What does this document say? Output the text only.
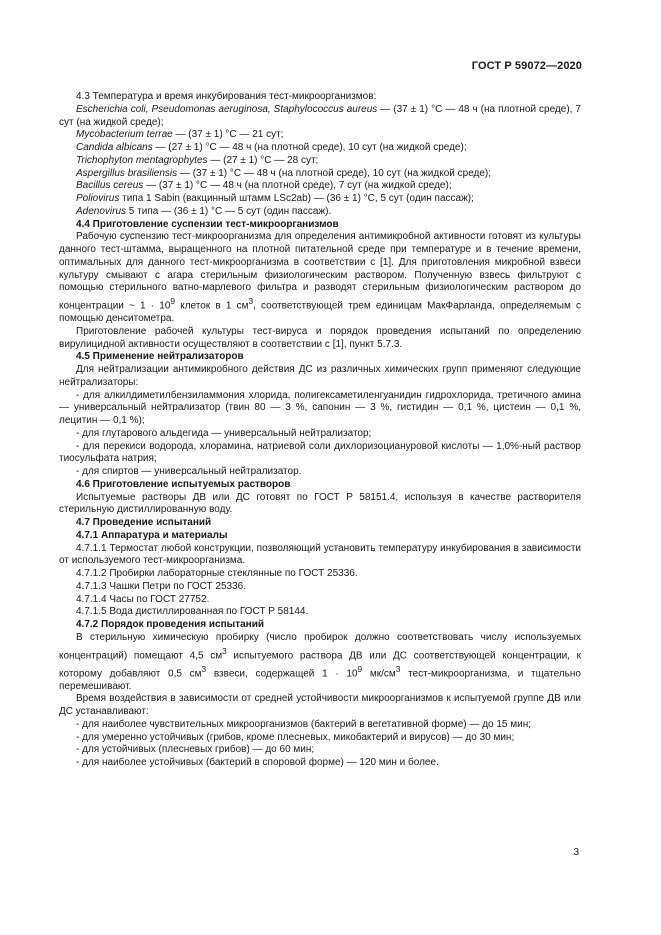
ГОСТ Р 59072—2020

4.3 Температура и время инкубирования тест-микроорганизмов:

Escherichia coli, Pseudomonas aeruginosa, Staphylococcus aureus — (37 ± 1) °С — 48 ч (на плотной среде), 7 сут (на жидкой среде);

Mycobacterium terrae — (37 ± 1) °С — 21 сут;

Candida albicans — (27 ± 1) °С — 48 ч (на плотной среде), 10 сут (на жидкой среде);

Trichophyton mentagrophytes — (27 ± 1) °С — 28 сут;

Aspergillus brasiliensis — (37 ± 1) °С — 48 ч (на плотной среде), 10 сут (на жидкой среде);

Bacillus cereus — (37 ± 1) °С — 48 ч (на плотной среде), 7 сут (на жидкой среде);

Poliovirus типа 1 Sabin (вакцинный штамм LSc2ab) — (36 ± 1) °С, 5 сут (один пассаж);

Adenovirus 5 типа — (36 ± 1) °С — 5 сут (один пассаж).

4.4 Приготовление суспензии тест-микроорганизмов

Рабочую суспензию тест-микроорганизма для определения антимикробной активности готовят из культуры данного тест-штамма, выращенного на плотной питательной среде при температуре и в течение времени, оптимальных для данного тест-микроорганизма в соответствии с [1]. Для приготовления микробной взвеси культуру смывают с агара стерильным физиологическим раствором. Полученную взвесь фильтруют с помощью стерильного ватно-марлевого фильтра и разводят стерильным физиологическим раствором до концентрации ~ $1 \cdot 10^9$ клеток в 1 $см^3$, соответствующей трем единицам МакФарланда, определяемым с помощью денситометра.

Приготовление рабочей культуры тест-вируса и порядок проведения испытаний по определению вирулицидной активности осуществляют в соответствии с [1], пункт 5.7.3.

4.5 Применение нейтрализаторов

Для нейтрализации антимикробного действия ДС из различных химических групп применяют следующие нейтрализаторы:

- для алкилдиметилбензиламмония хлорида, полигексаметиленгуанидин гидрохлорида, третичного амина — универсальный нейтрализатор (твин 80 — 3 %, сапонин — 3 %, гистидин — 0,1 %, цистеин — 0,1 %, лецитин — 0,1 %);

- для глутарового альдегида — универсальный нейтрализатор;

- для перекиси водорода, хлорамина, натриевой соли дихлоризоциануровой кислоты — 1,0%-ный раствор тиосульфата натрия;

- для спиртов — универсальный нейтрализатор.

4.6 Приготовление испытуемых растворов

Испытуемые растворы ДВ или ДС готовят по ГОСТ Р 58151.4, используя в качестве растворителя стерильную дистиллированную воду.

4.7 Проведение испытаний

4.7.1 Аппаратура и материалы

4.7.1.1 Термостат любой конструкции, позволяющий установить температуру инкубирования в зависимости от используемого тест-микроорганизма.

4.7.1.2 Пробирки лабораторные стеклянные по ГОСТ 25336.

4.7.1.3 Чашки Петри по ГОСТ 25336.

4.7.1.4 Часы по ГОСТ 27752.

4.7.1.5 Вода дистиллированная по ГОСТ Р 58144.

4.7.2 Порядок проведения испытаний

В стерильную химическую пробирку (число пробирок должно соответствовать числу используемых концентраций) помещают 4,5 $см^3$ испытуемого раствора ДВ или ДС соответствующей концентрации, к которому добавляют 0,5 $см^3$ взвеси, содержащей $1 \cdot 10^9$ $мк/см^3$ тест-микроорганизма, и тщательно перемешивают.

Время воздействия в зависимости от средней устойчивости микроорганизмов к испытуемой группе ДВ или ДС устанавливают:

- для наиболее чувствительных микроорганизмов (бактерий в вегетативной форме) — до 15 мин;

- для умеренно устойчивых (грибов, кроме плесневых, микобактерий и вирусов) — до 30 мин;

- для устойчивых (плесневых грибов) — до 60 мин;

- для наиболее устойчивых (бактерий в споровой форме) — 120 мин и более.

3
